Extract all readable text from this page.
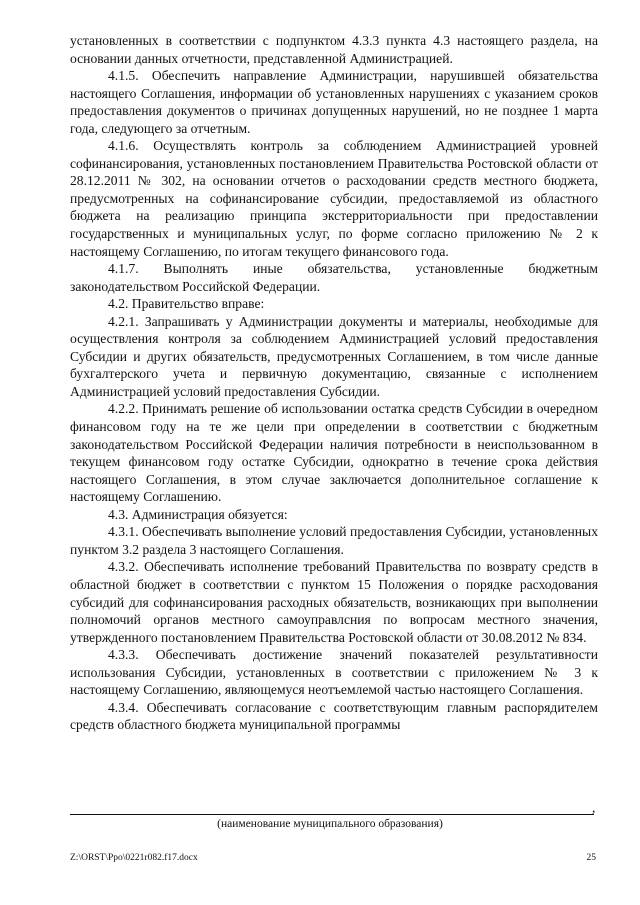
установленных в соответствии с подпунктом 4.3.3 пункта 4.3 настоящего раздела, на основании данных отчетности, представленной Администрацией.

4.1.5. Обеспечить направление Администрации, нарушившей обязательства настоящего Соглашения, информации об установленных нарушениях с указанием сроков предоставления документов о причинах допущенных нарушений, но не позднее 1 марта года, следующего за отчетным.

4.1.6. Осуществлять контроль за соблюдением Администрацией уровней софинансирования, установленных постановлением Правительства Ростовской области от 28.12.2011 № 302, на основании отчетов о расходовании средств местного бюджета, предусмотренных на софинансирование субсидии, предоставляемой из областного бюджета на реализацию принципа экстерриториальности при предоставлении государственных и муниципальных услуг, по форме согласно приложению № 2 к настоящему Соглашению, по итогам текущего финансового года.

4.1.7. Выполнять иные обязательства, установленные бюджетным законодательством Российской Федерации.

4.2. Правительство вправе:

4.2.1. Запрашивать у Администрации документы и материалы, необходимые для осуществления контроля за соблюдением Администрацией условий предоставления Субсидии и других обязательств, предусмотренных Соглашением, в том числе данные бухгалтерского учета и первичную документацию, связанные с исполнением Администрацией условий предоставления Субсидии.

4.2.2. Принимать решение об использовании остатка средств Субсидии в очередном финансовом году на те же цели при определении в соответствии с бюджетным законодательством Российской Федерации наличия потребности в неиспользованном в текущем финансовом году остатке Субсидии, однократно в течение срока действия настоящего Соглашения, в этом случае заключается дополнительное соглашение к настоящему Соглашению.

4.3. Администрация обязуется:

4.3.1. Обеспечивать выполнение условий предоставления Субсидии, установленных пунктом 3.2 раздела 3 настоящего Соглашения.

4.3.2. Обеспечивать исполнение требований Правительства по возврату средств в областной бюджет в соответствии с пунктом 15 Положения о порядке расходования субсидий для софинансирования расходных обязательств, возникающих при выполнении полномочий органов местного самоуправлсния по вопросам местного значения, утвержденного постановлением Правительства Ростовской области от 30.08.2012 № 834.

4.3.3. Обеспечивать достижение значений показателей результативности использования Субсидии, установленных в соответствии с приложением № 3 к настоящему Соглашению, являющемуся неотъемлемой частью настоящего Соглашения.

4.3.4. Обеспечивать согласование с соответствующим главным распорядителем средств областного бюджета муниципальной программы

,
(наименование муниципального образования)
Z:\ORST\Ppo\0221r082.f17.docx	25
